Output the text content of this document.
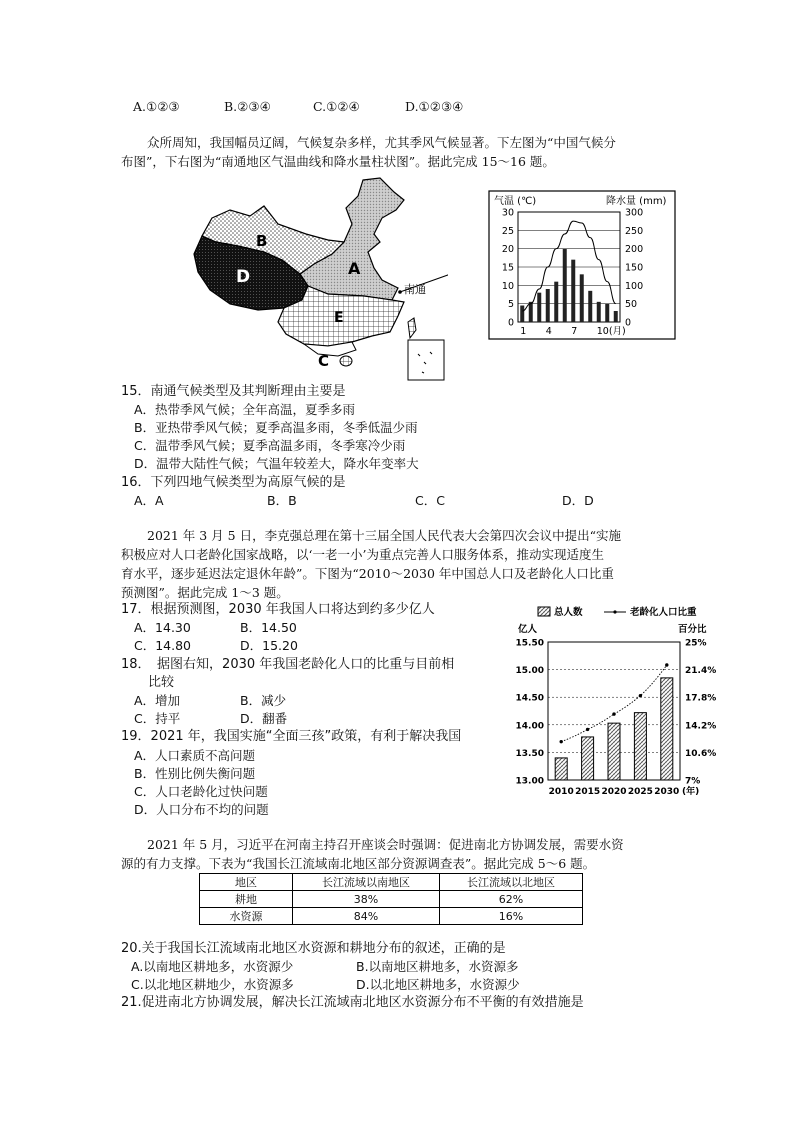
A.①②③	B.②③④	C.①②④	D.①②③④
众所周知，我国幅员辽阔，气候复杂多样，尤其季风气候显著。下左图为“中国气候分
布图”，下右图为“南通地区气温曲线和降水量柱状图”。据此完成 15～16 题。
A
B
D
E
C
南通
气温 (℃)	降水量 (mm)
30	300
25	250
20	200
15	150
10	100
5	50
0	0
1 4 7 10(月)
15．南通气候类型及其判断理由主要是
A．热带季风气候；全年高温，夏季多雨
B．亚热带季风气候；夏季高温多雨，冬季低温少雨
C．温带季风气候；夏季高温多雨，冬季寒冷少雨
D．温带大陆性气候；气温年较差大，降水年变率大
16．下列四地气候类型为高原气候的是
A．A	B．B	C．C	D．D
2021 年 3 月 5 日，李克强总理在第十三届全国人民代表大会第四次会议中提出“实施
积极应对人口老龄化国家战略，以‘一老一小’为重点完善人口服务体系，推动实现适度生
育水平，逐步延迟法定退休年龄”。下图为“2010～2030 年中国总人口及老龄化人口比重
预测图”。据此完成 1～3 题。
17．根据预测图，2030 年我国人口将达到约多少亿人
A．14.30	B．14.50
C．14.80	D．15.20
18．　据图右知，2030 年我国老龄化人口的比重与目前相
比较
A．增加	B．减少
C．持平	D．翻番
19．2021 年，我国实施“全面三孩”政策，有利于解决我国
A．人口素质不高问题
B．性别比例失衡问题
C．人口老龄化过快问题
D．人口分布不均的问题
总人数	老龄化人口比重
亿人	百分比
15.50	25%
15.00	21.4%
14.50	17.8%
14.00	14.2%
13.50	10.6%
13.00	7%
2010 2015 2020 2025 2030 (年)
2021 年 5 月，习近平在河南主持召开座谈会时强调：促进南北方协调发展，需要水资
源的有力支撑。下表为“我国长江流域南北地区部分资源调查表”。据此完成 5～6 题。
地区	长江流域以南地区	长江流域以北地区
耕地	38%	62%
水资源	84%	16%
20.关于我国长江流域南北地区水资源和耕地分布的叙述，正确的是
A.以南地区耕地多，水资源少	B.以南地区耕地多，水资源多
C.以北地区耕地少，水资源多	D.以北地区耕地多，水资源少
21.促进南北方协调发展，解决长江流域南北地区水资源分布不平衡的有效措施是
